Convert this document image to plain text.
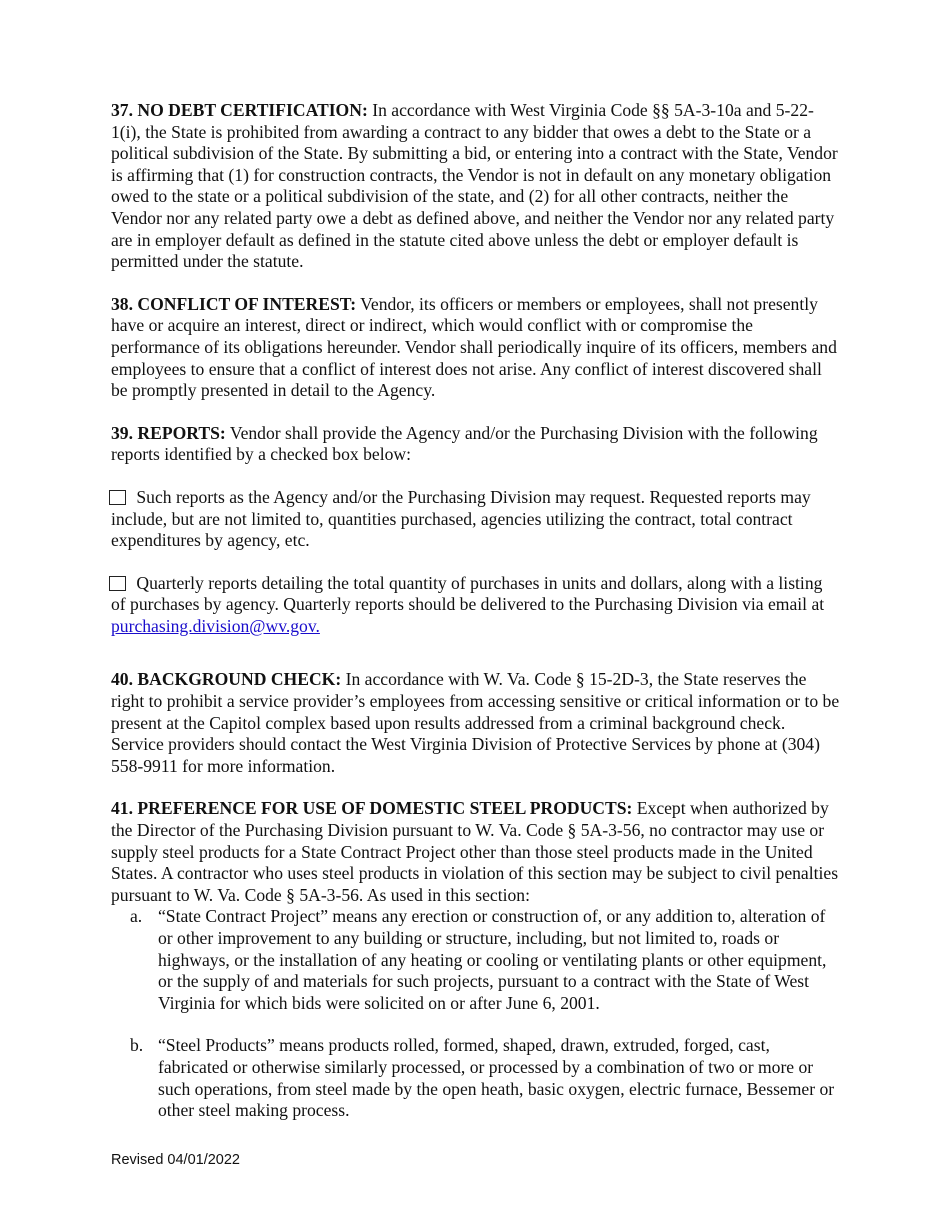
37. NO DEBT CERTIFICATION: In accordance with West Virginia Code §§ 5A-3-10a and 5-22-1(i), the State is prohibited from awarding a contract to any bidder that owes a debt to the State or a political subdivision of the State. By submitting a bid, or entering into a contract with the State, Vendor is affirming that (1) for construction contracts, the Vendor is not in default on any monetary obligation owed to the state or a political subdivision of the state, and (2) for all other contracts, neither the Vendor nor any related party owe a debt as defined above, and neither the Vendor nor any related party are in employer default as defined in the statute cited above unless the debt or employer default is permitted under the statute.

38. CONFLICT OF INTEREST: Vendor, its officers or members or employees, shall not presently have or acquire an interest, direct or indirect, which would conflict with or compromise the performance of its obligations hereunder. Vendor shall periodically inquire of its officers, members and employees to ensure that a conflict of interest does not arise. Any conflict of interest discovered shall be promptly presented in detail to the Agency.

39. REPORTS: Vendor shall provide the Agency and/or the Purchasing Division with the following reports identified by a checked box below:

Such reports as the Agency and/or the Purchasing Division may request. Requested reports may include, but are not limited to, quantities purchased, agencies utilizing the contract, total contract expenditures by agency, etc.

Quarterly reports detailing the total quantity of purchases in units and dollars, along with a listing of purchases by agency. Quarterly reports should be delivered to the Purchasing Division via email at purchasing.division@wv.gov.

40. BACKGROUND CHECK: In accordance with W. Va. Code § 15-2D-3, the State reserves the right to prohibit a service provider’s employees from accessing sensitive or critical information or to be present at the Capitol complex based upon results addressed from a criminal background check. Service providers should contact the West Virginia Division of Protective Services by phone at (304) 558-9911 for more information.

41. PREFERENCE FOR USE OF DOMESTIC STEEL PRODUCTS: Except when authorized by the Director of the Purchasing Division pursuant to W. Va. Code § 5A-3-56, no contractor may use or supply steel products for a State Contract Project other than those steel products made in the United States. A contractor who uses steel products in violation of this section may be subject to civil penalties pursuant to W. Va. Code § 5A-3-56. As used in this section:

a. “State Contract Project” means any erection or construction of, or any addition to, alteration of or other improvement to any building or structure, including, but not limited to, roads or highways, or the installation of any heating or cooling or ventilating plants or other equipment, or the supply of and materials for such projects, pursuant to a contract with the State of West Virginia for which bids were solicited on or after June 6, 2001.
b. “Steel Products” means products rolled, formed, shaped, drawn, extruded, forged, cast, fabricated or otherwise similarly processed, or processed by a combination of two or more or such operations, from steel made by the open heath, basic oxygen, electric furnace, Bessemer or other steel making process.
Revised 04/01/2022
